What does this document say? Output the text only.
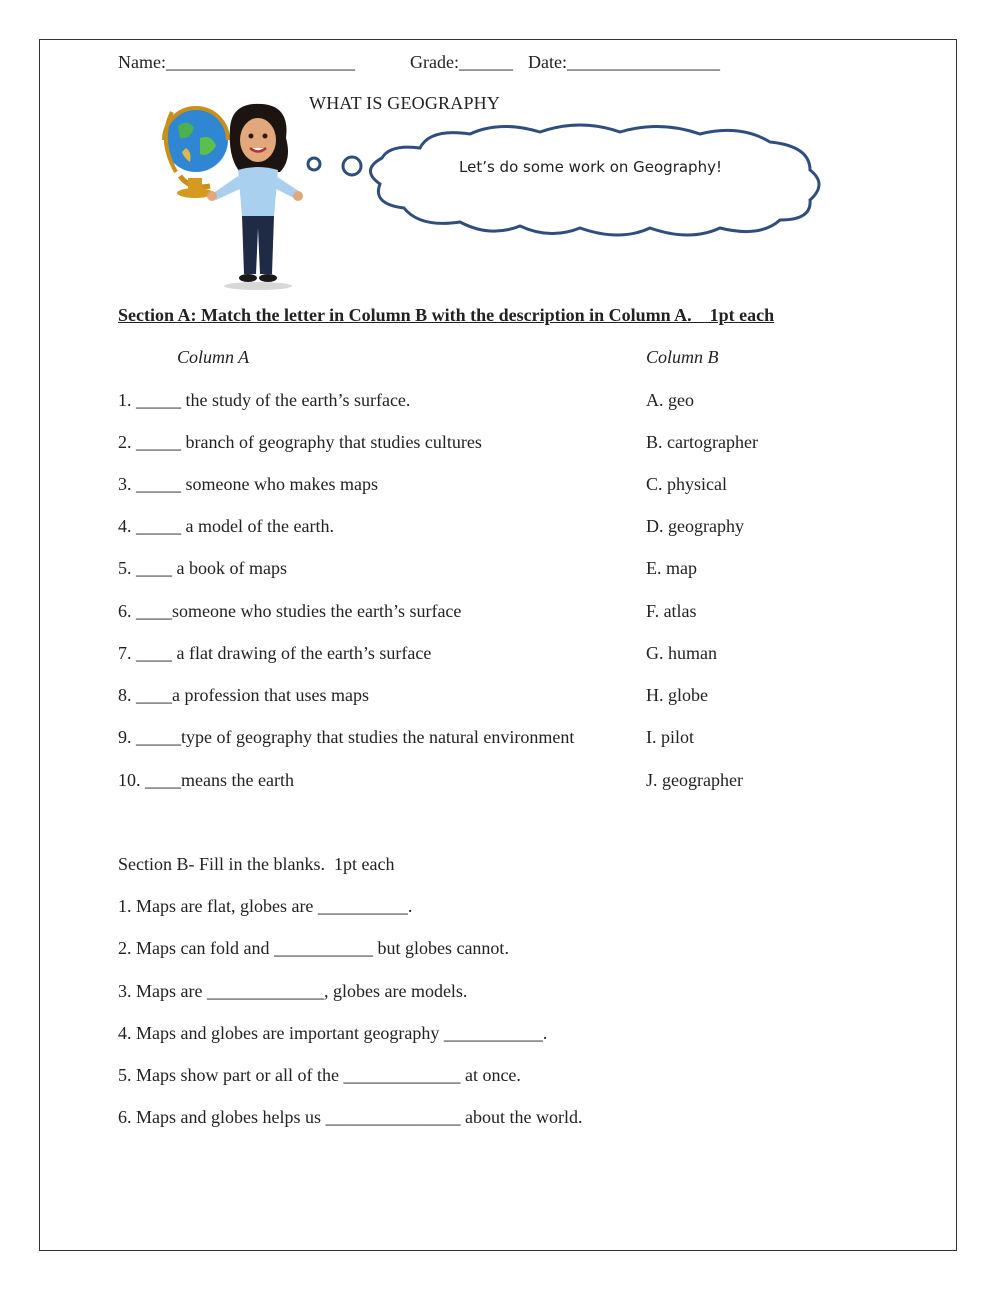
Name:_____________________	Grade:______ Date:_________________
WHAT IS GEOGRAPHY
Let’s do some work on Geography!
Section A: Match the letter in Column B with the description in Column A.    1pt each
Column A	Column B
1. _____ the study of the earth’s surface.
2. _____ branch of geography that studies cultures
3. _____ someone who makes maps
4. _____ a model of the earth.
5. ____ a book of maps
6. ____someone who studies the earth’s surface
7. ____ a flat drawing of the earth’s surface
8. ____a profession that uses maps
9. _____type of geography that studies the natural environment
10. ____means the earth
A. geo
B. cartographer
C. physical
D. geography
E. map
F. atlas
G. human
H. globe
I. pilot
J. geographer
Section B- Fill in the blanks.  1pt each
1. Maps are flat, globes are __________.
2. Maps can fold and ___________ but globes cannot.
3. Maps are _____________, globes are models.
4. Maps and globes are important geography ___________.
5. Maps show part or all of the _____________ at once.
6. Maps and globes helps us _______________ about the world.
